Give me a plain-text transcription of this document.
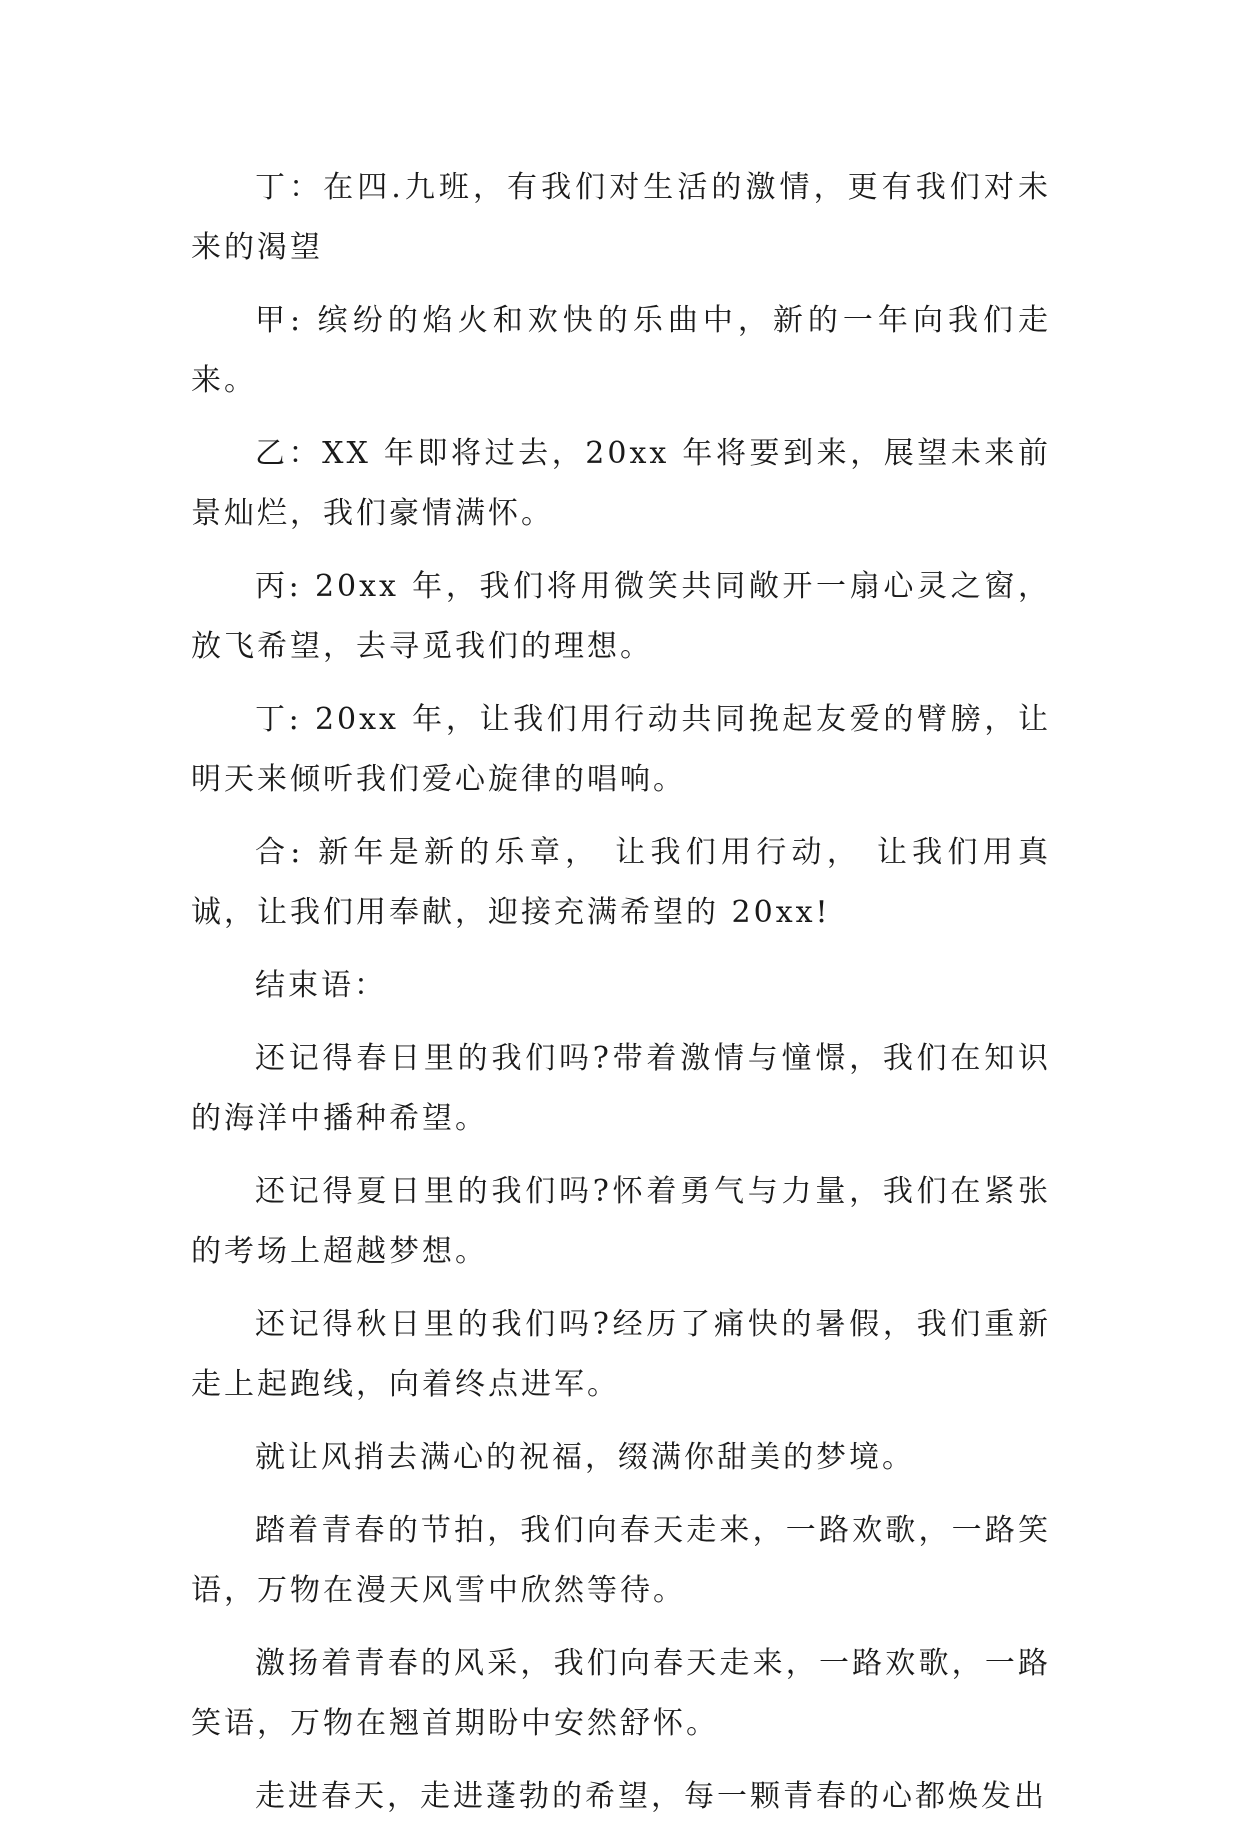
丁：在四.九班，有我们对生活的激情，更有我们对未来的渴望

甲: 缤纷的焰火和欢快的乐曲中，新的一年向我们走来。

乙：XX 年即将过去，20xx 年将要到来，展望未来前景灿烂，我们豪情满怀。

丙: 20xx 年，我们将用微笑共同敞开一扇心灵之窗，放飞希望，去寻觅我们的理想。

丁: 20xx 年，让我们用行动共同挽起友爱的臂膀，让明天来倾听我们爱心旋律的唱响。

合: 新年是新的乐章， 让我们用行动， 让我们用真诚，让我们用奉献，迎接充满希望的 20xx!

结束语：

还记得春日里的我们吗?带着激情与憧憬，我们在知识的海洋中播种希望。

还记得夏日里的我们吗?怀着勇气与力量，我们在紧张的考场上超越梦想。

还记得秋日里的我们吗?经历了痛快的暑假，我们重新走上起跑线，向着终点进军。

就让风捎去满心的祝福，缀满你甜美的梦境。

踏着青春的节拍，我们向春天走来，一路欢歌，一路笑语，万物在漫天风雪中欣然等待。

激扬着青春的风采，我们向春天走来，一路欢歌，一路笑语，万物在翘首期盼中安然舒怀。

走进春天，走进蓬勃的希望，每一颗青春的心都焕发出
